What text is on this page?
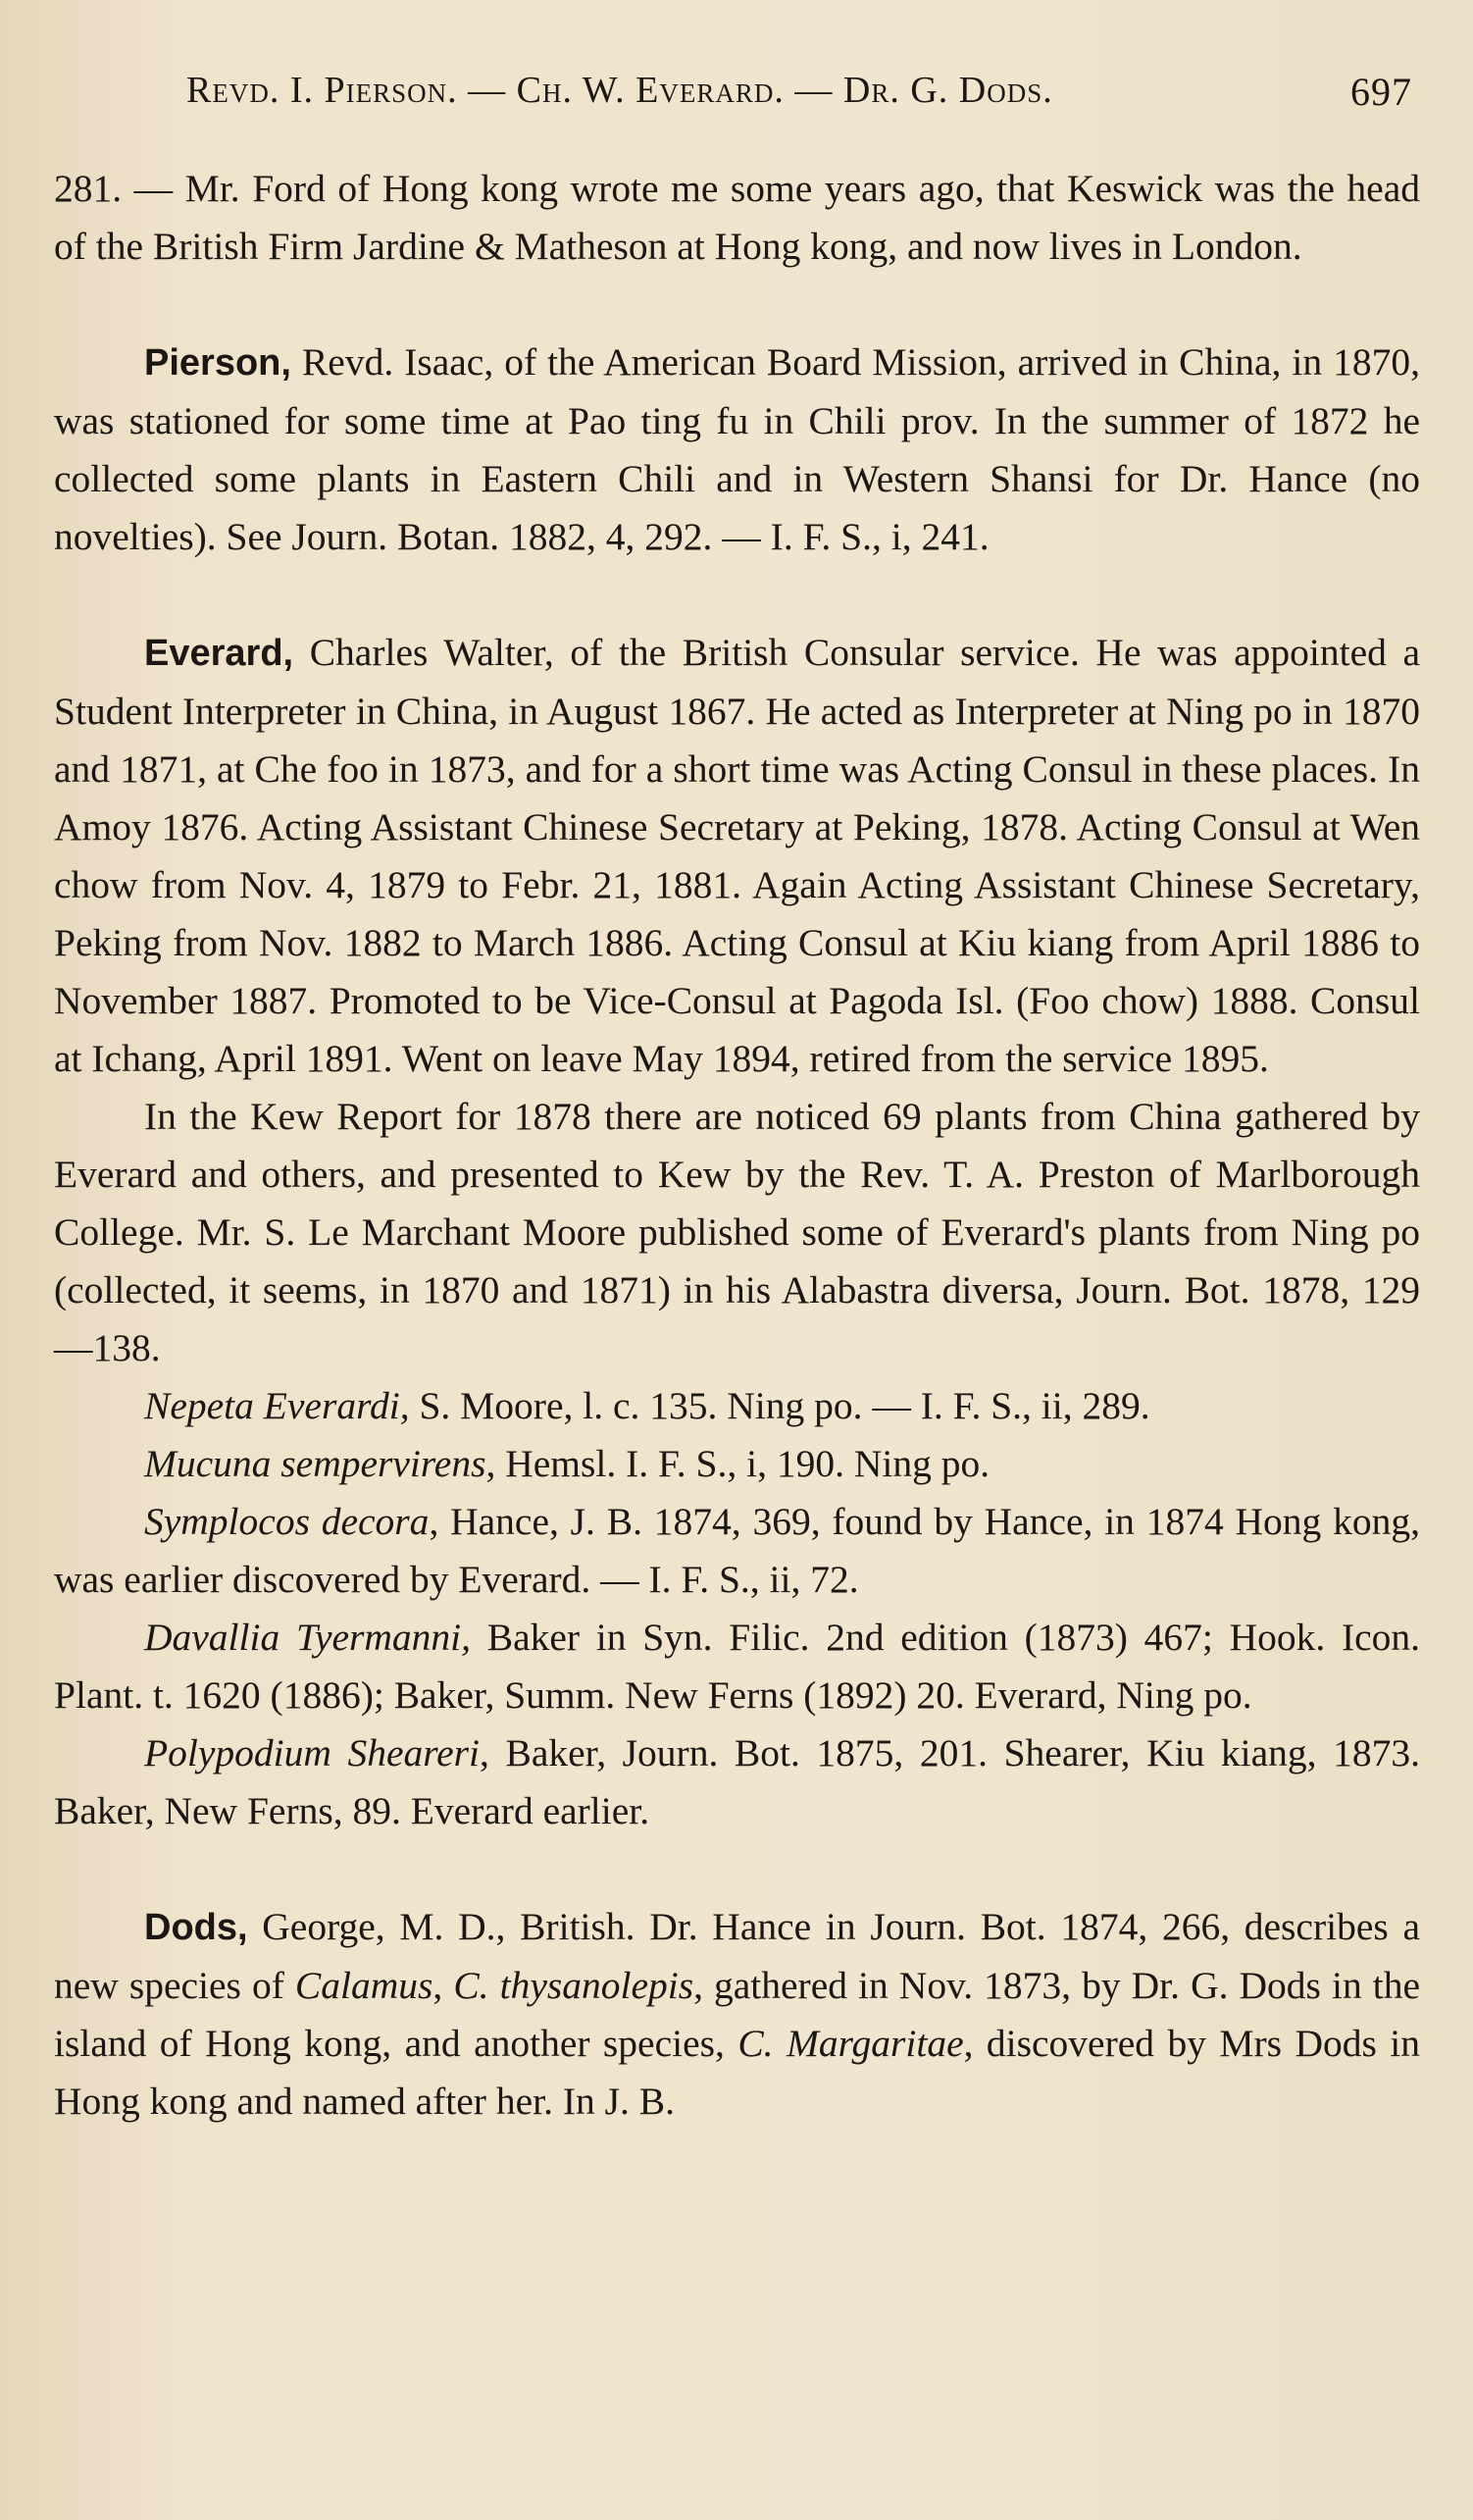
Revd. I. Pierson. — Ch. W. Everard. — Dr. G. Dods.	697

281. — Mr. Ford of Hong kong wrote me some years ago, that Keswick was the head of the British Firm Jardine & Matheson at Hong kong, and now lives in London.

Pierson, Revd. Isaac, of the American Board Mission, arrived in China, in 1870, was stationed for some time at Pao ting fu in Chili prov. In the summer of 1872 he collected some plants in Eastern Chili and in Western Shansi for Dr. Hance (no novelties). See Journ. Botan. 1882, 4, 292. — I. F. S., i, 241.

Everard, Charles Walter, of the British Consular service. He was appointed a Student Interpreter in China, in August 1867. He acted as Interpreter at Ning po in 1870 and 1871, at Che foo in 1873, and for a short time was Acting Consul in these places. In Amoy 1876. Acting Assistant Chinese Secretary at Peking, 1878. Acting Consul at Wen chow from Nov. 4, 1879 to Febr. 21, 1881. Again Acting Assistant Chinese Secretary, Peking from Nov. 1882 to March 1886. Acting Consul at Kiu kiang from April 1886 to November 1887. Promoted to be Vice-Consul at Pagoda Isl. (Foo chow) 1888. Consul at Ichang, April 1891. Went on leave May 1894, retired from the service 1895.

In the Kew Report for 1878 there are noticed 69 plants from China gathered by Everard and others, and presented to Kew by the Rev. T. A. Preston of Marlborough College. Mr. S. Le Marchant Moore published some of Everard's plants from Ning po (collected, it seems, in 1870 and 1871) in his Alabastra diversa, Journ. Bot. 1878, 129—138.

Nepeta Everardi, S. Moore, l. c. 135. Ning po. — I. F. S., ii, 289.

Mucuna sempervirens, Hemsl. I. F. S., i, 190. Ning po.

Symplocos decora, Hance, J. B. 1874, 369, found by Hance, in 1874 Hong kong, was earlier discovered by Everard. — I. F. S., ii, 72.

Davallia Tyermanni, Baker in Syn. Filic. 2nd edition (1873) 467; Hook. Icon. Plant. t. 1620 (1886); Baker, Summ. New Ferns (1892) 20. Everard, Ning po.

Polypodium Sheareri, Baker, Journ. Bot. 1875, 201. Shearer, Kiu kiang, 1873. Baker, New Ferns, 89. Everard earlier.

Dods, George, M. D., British. Dr. Hance in Journ. Bot. 1874, 266, describes a new species of Calamus, C. thysanolepis, gathered in Nov. 1873, by Dr. G. Dods in the island of Hong kong, and another species, C. Margaritae, discovered by Mrs Dods in Hong kong and named after her. In J. B.
